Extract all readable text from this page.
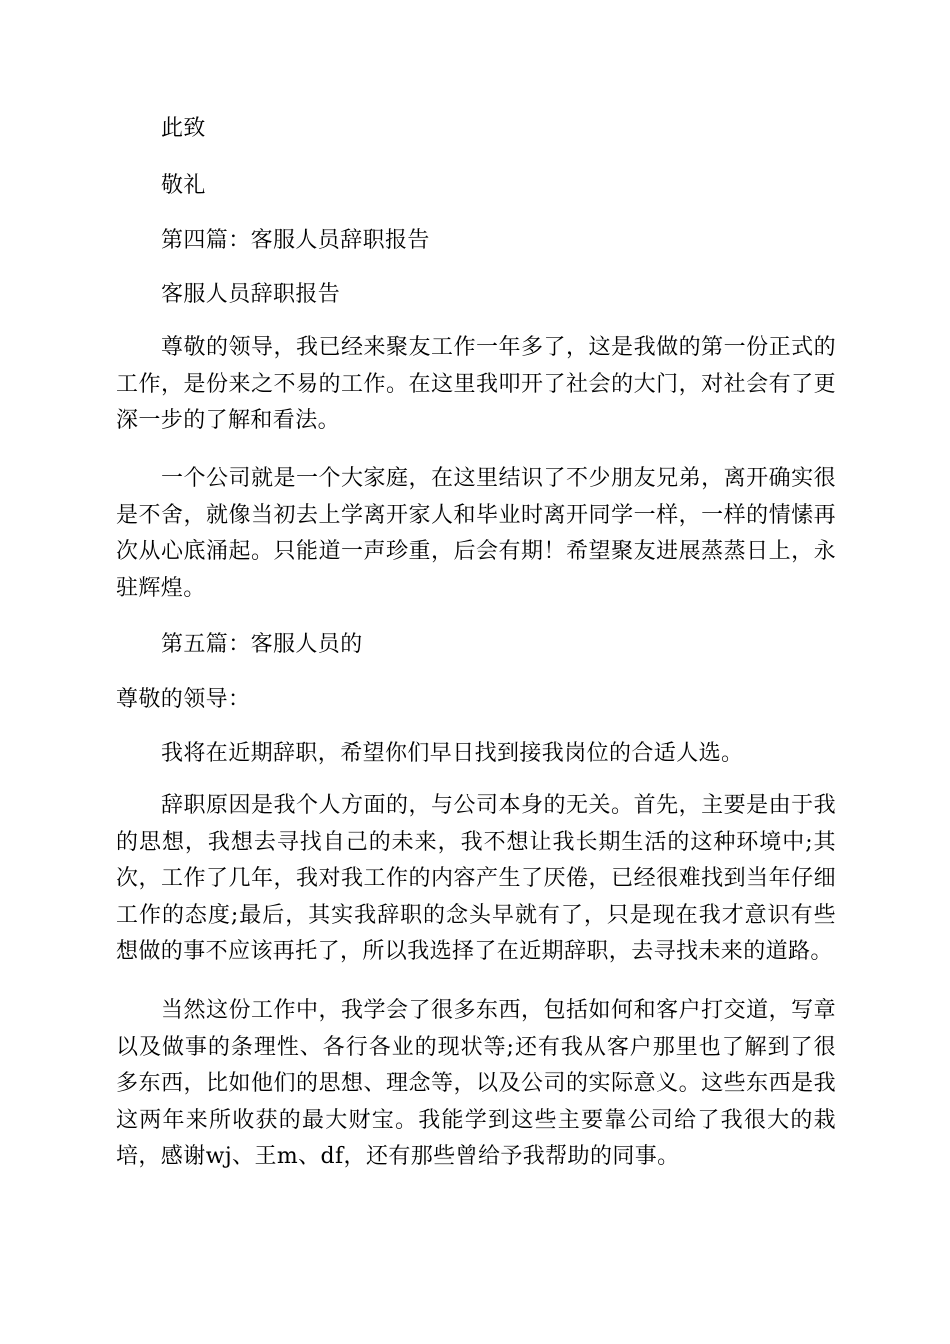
此致
敬礼
第四篇：客服人员辞职报告
客服人员辞职报告
尊敬的领导，我已经来聚友工作一年多了，这是我做的第一份正式的工作，是份来之不易的工作。在这里我叩开了社会的大门，对社会有了更深一步的了解和看法。
一个公司就是一个大家庭，在这里结识了不少朋友兄弟，离开确实很是不舍，就像当初去上学离开家人和毕业时离开同学一样，一样的情愫再次从心底涌起。只能道一声珍重，后会有期！希望聚友进展蒸蒸日上，永驻辉煌。
第五篇：客服人员的
尊敬的领导：
我将在近期辞职，希望你们早日找到接我岗位的合适人选。
辞职原因是我个人方面的，与公司本身的无关。首先，主要是由于我的思想，我想去寻找自己的未来，我不想让我长期生活的这种环境中;其次，工作了几年，我对我工作的内容产生了厌倦，已经很难找到当年仔细工作的态度;最后，其实我辞职的念头早就有了，只是现在我才意识有些想做的事不应该再托了，所以我选择了在近期辞职，去寻找未来的道路。
当然这份工作中，我学会了很多东西，包括如何和客户打交道，写章以及做事的条理性、各行各业的现状等;还有我从客户那里也了解到了很多东西，比如他们的思想、理念等，以及公司的实际意义。这些东西是我这两年来所收获的最大财宝。我能学到这些主要靠公司给了我很大的栽培，感谢wj、王m、df，还有那些曾给予我帮助的同事。
